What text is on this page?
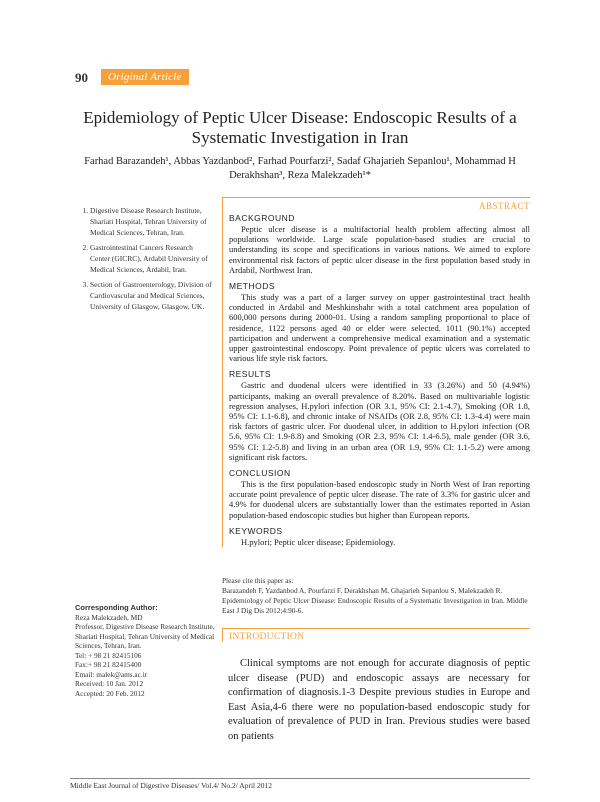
90	Original Article
Epidemiology of Peptic Ulcer Disease: Endoscopic Results of a Systematic Investigation in Iran
Farhad Barazandeh¹, Abbas Yazdanbod², Farhad Pourfarzi², Sadaf Ghajarieh Sepanlou¹, Mohammad H Derakhshan³, Reza Malekzadeh¹*
1. Digestive Disease Research Institute, Shariati Hospital, Tehran University of Medical Sciences, Tehran, Iran.
2. Gastrointestinal Cancers Research Center (GICRC), Ardabil University of Medical Sciences, Ardabil, Iran.
3. Section of Gastroenterology, Division of Cardiovascular and Medical Sciences, University of Glasgow, Glasgow, UK.
ABSTRACT
BACKGROUND

Peptic ulcer disease is a multifactorial health problem affecting almost all populations worldwide. Large scale population-based studies are crucial to understanding its scope and specifications in various nations. We aimed to explore environmental risk factors of peptic ulcer disease in the first population based study in Ardabil, Northwest Iran.

METHODS

This study was a part of a larger survey on upper gastrointestinal tract health conducted in Ardabil and Meshkinshahr with a total catchment area population of 600,000 persons during 2000-01. Using a random sampling proportional to place of residence, 1122 persons aged 40 or elder were selected. 1011 (90.1%) accepted participation and underwent a comprehensive medical examination and a systematic upper gastrointestinal endoscopy. Point prevalence of peptic ulcers was correlated to various life style risk factors.

RESULTS

Gastric and duodenal ulcers were identified in 33 (3.26%) and 50 (4.94%) participants, making an overall prevalence of 8.20%. Based on multivariable logistic regression analyses, H.pylori infection (OR 3.1, 95% CI: 2.1-4.7), Smoking (OR 1.8, 95% CI: 1.1-6.8), and chronic intake of NSAIDs (OR 2.8, 95% CI: 1.3-4.4) were main risk factors of gastric ulcer. For duodenal ulcer, in addition to H.pylori infection (OR 5.6, 95% CI: 1.9-8.8) and Smoking (OR 2.3, 95% CI: 1.4-6.5), male gender (OR 3.6, 95% CI: 1.2-5.8) and living in an urban area (OR 1.9, 95% CI: 1.1-5.2) were among significant risk factors.

CONCLUSION

This is the first population-based endoscopic study in North West of Iran reporting accurate point prevalence of peptic ulcer disease. The rate of 3.3% for gastric ulcer and 4.9% for duodenal ulcers are substantially lower than the estimates reported in Asian population-based endoscopic studies but higher than European reports.

KEYWORDS

H.pylori; Peptic ulcer disease; Epidemiology.

Please cite this paper as:
Barazandeh F, Yazdanbod A, Pourfarzi F, Derakhshan M, Ghajarieh Sepanlou S, Malekzadeh R. Epidemiology of Peptic Ulcer Disease: Endoscopic Results of a Systematic Investigation in Iran. Middle East J Dig Dis 2012;4:90-6.
Corresponding Author:
Reza Malekzadeh, MD
Professor, Digestive Disease Research Institute, Shariati Hospital, Tehran University of Medical Sciences, Tehran, Iran.
Tel: + 98 21 82415106
Fax:+ 98 21 82415400
Email: malek@ams.ac.ir
Received: 10 Jan. 2012
Accepted: 20 Feb. 2012
INTRODUCTION

Clinical symptoms are not enough for accurate diagnosis of peptic ulcer disease (PUD) and endoscopic assays are necessary for confirmation of diagnosis.1-3 Despite previous studies in Europe and East Asia,4-6 there were no population-based endoscopic study for evaluation of prevalence of PUD in Iran. Previous studies were based on patients

Middle East Journal of Digestive Diseases/ Vol.4/ No.2/ April 2012
